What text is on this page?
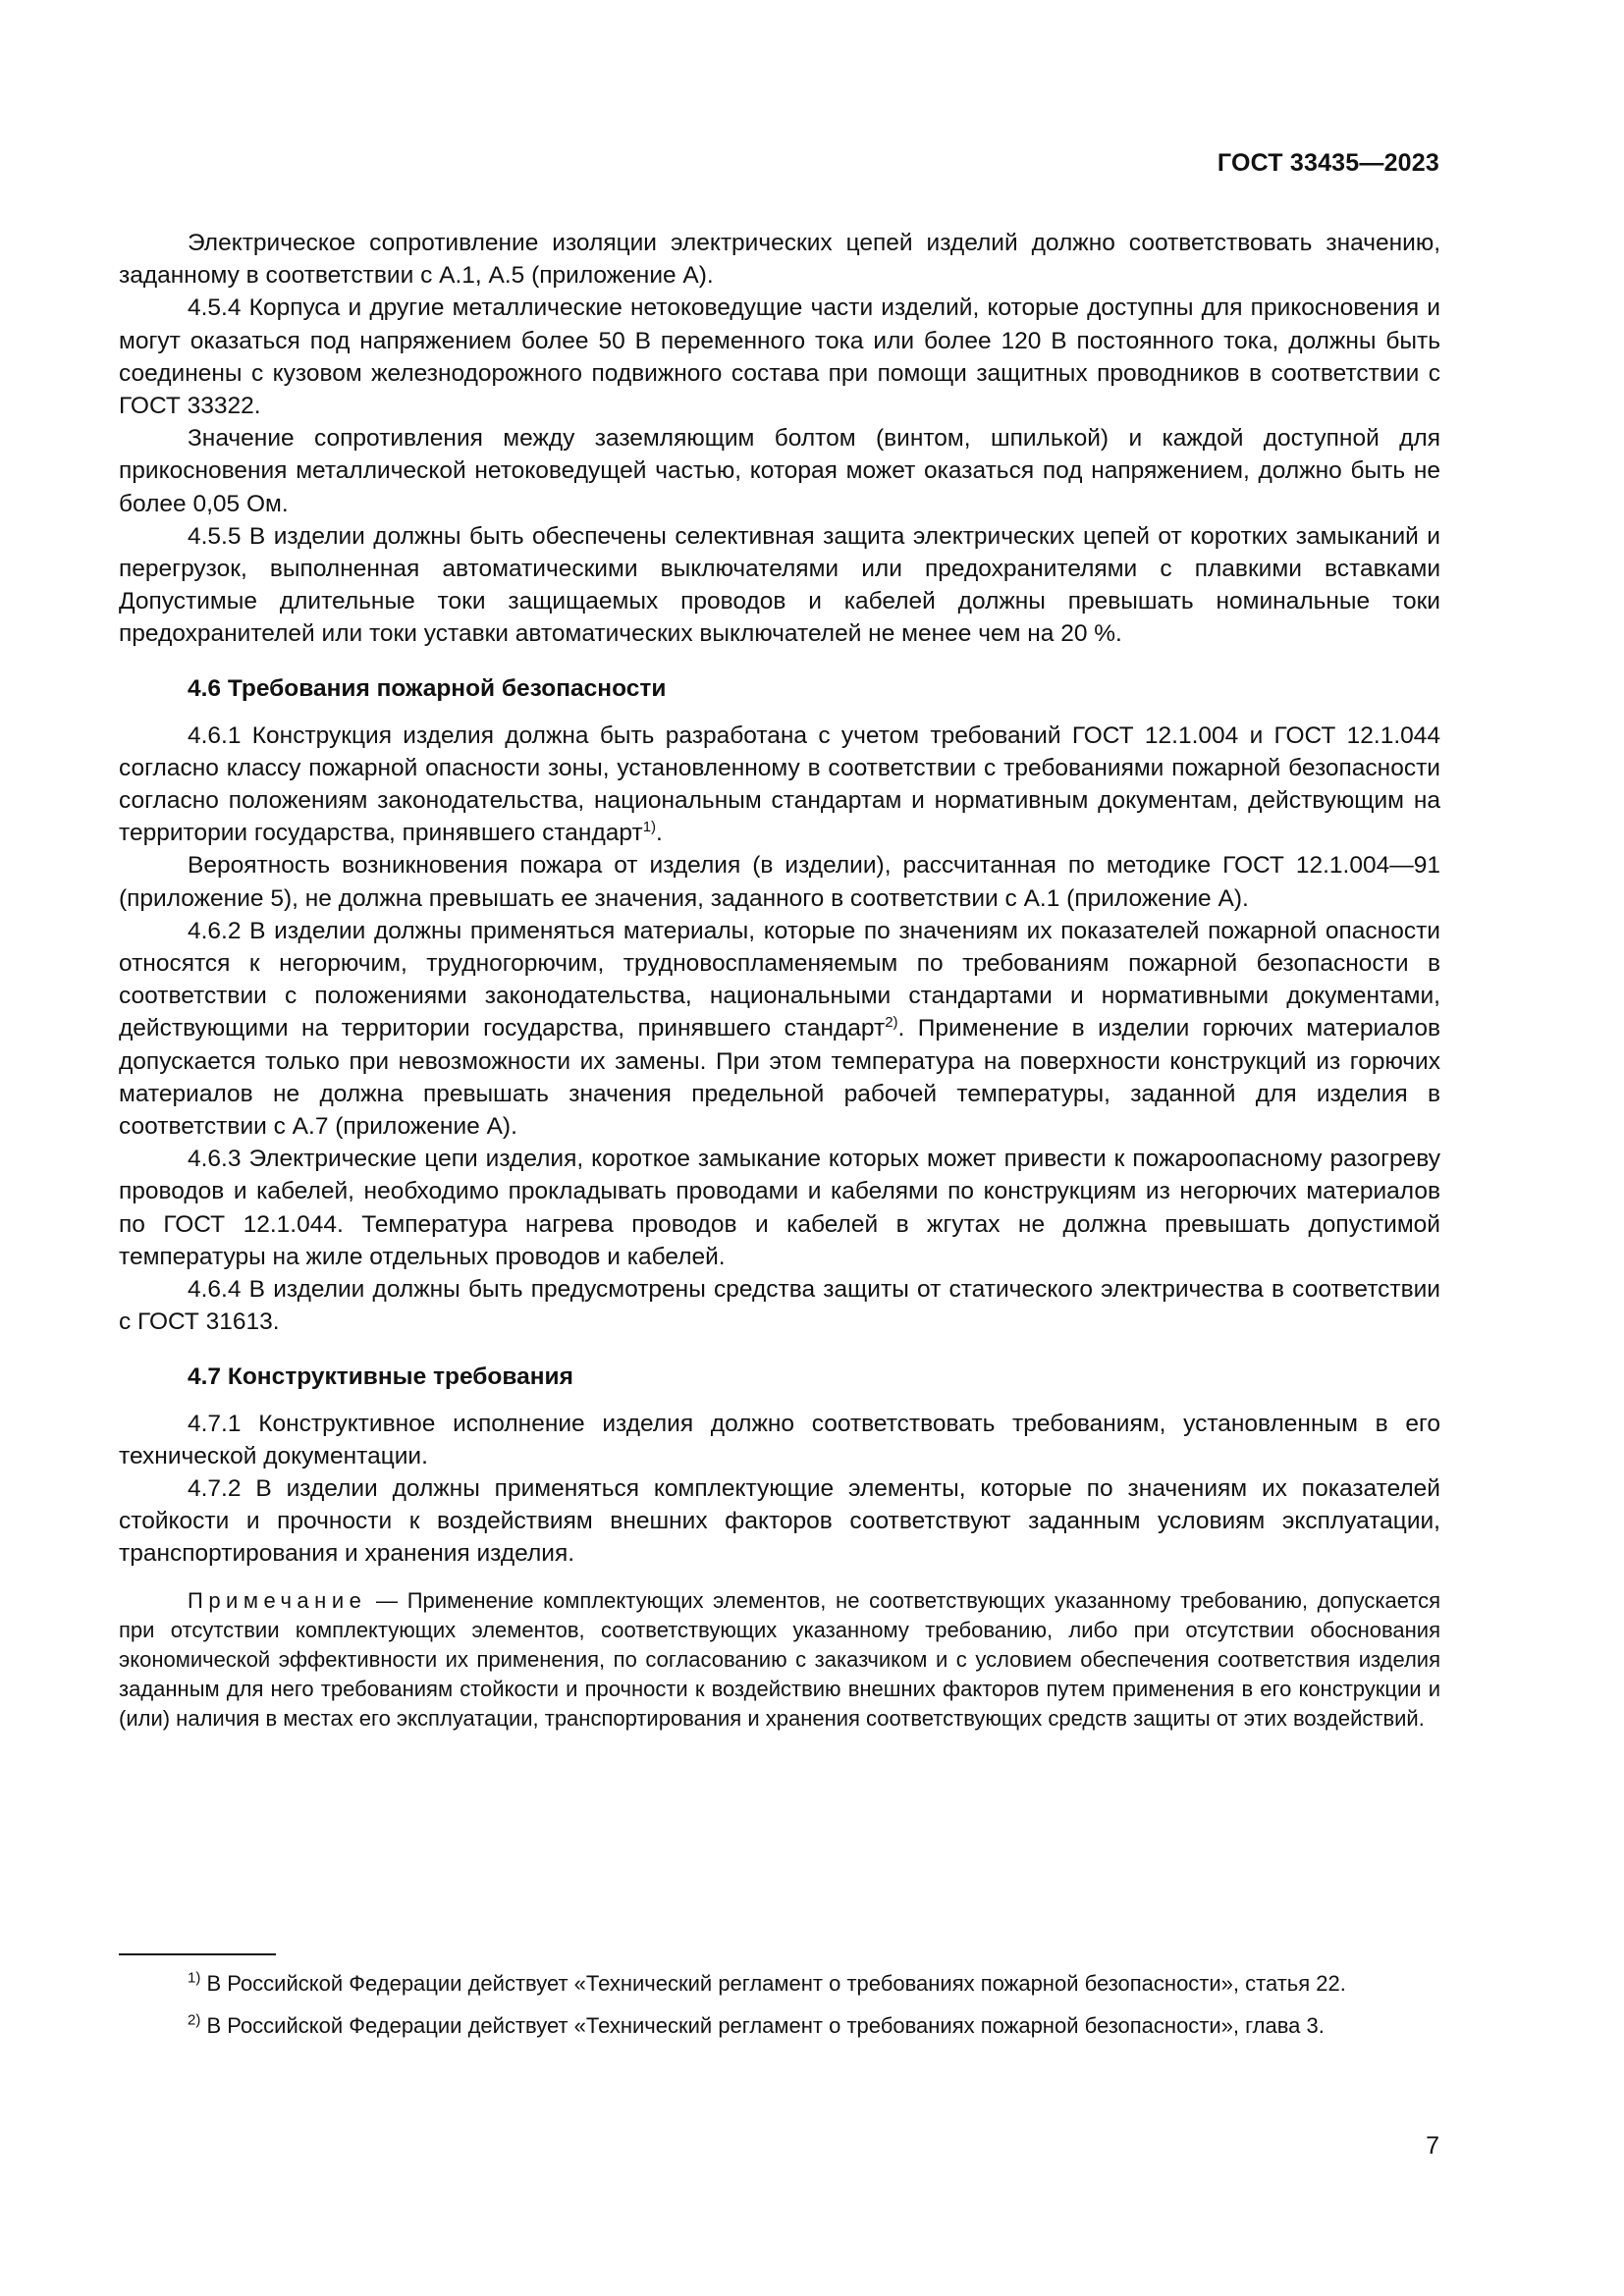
ГОСТ 33435—2023

Электрическое сопротивление изоляции электрических цепей изделий должно соответствовать значению, заданному в соответствии с А.1, А.5 (приложение А).

4.5.4 Корпуса и другие металлические нетоковедущие части изделий, которые доступны для прикосновения и могут оказаться под напряжением более 50 В переменного тока или более 120 В постоянного тока, должны быть соединены с кузовом железнодорожного подвижного состава при помощи защитных проводников в соответствии с ГОСТ 33322.

Значение сопротивления между заземляющим болтом (винтом, шпилькой) и каждой доступной для прикосновения металлической нетоковедущей частью, которая может оказаться под напряжением, должно быть не более 0,05 Ом.

4.5.5 В изделии должны быть обеспечены селективная защита электрических цепей от коротких замыканий и перегрузок, выполненная автоматическими выключателями или предохранителями с плавкими вставками Допустимые длительные токи защищаемых проводов и кабелей должны превышать номинальные токи предохранителей или токи уставки автоматических выключателей не менее чем на 20 %.

4.6 Требования пожарной безопасности

4.6.1 Конструкция изделия должна быть разработана с учетом требований ГОСТ 12.1.004 и ГОСТ 12.1.044 согласно классу пожарной опасности зоны, установленному в соответствии с требованиями пожарной безопасности согласно положениям законодательства, национальным стандартам и нормативным документам, действующим на территории государства, принявшего стандарт$^{1)}$.

Вероятность возникновения пожара от изделия (в изделии), рассчитанная по методике ГОСТ 12.1.004—91 (приложение 5), не должна превышать ее значения, заданного в соответствии с А.1 (приложение А).

4.6.2 В изделии должны применяться материалы, которые по значениям их показателей пожарной опасности относятся к негорючим, трудногорючим, трудновоспламеняемым по требованиям пожарной безопасности в соответствии с положениями законодательства, национальными стандартами и нормативными документами, действующими на территории государства, принявшего стандарт$^{2)}$. Применение в изделии горючих материалов допускается только при невозможности их замены. При этом температура на поверхности конструкций из горючих материалов не должна превышать значения предельной рабочей температуры, заданной для изделия в соответствии с А.7 (приложение А).

4.6.3 Электрические цепи изделия, короткое замыкание которых может привести к пожароопасному разогреву проводов и кабелей, необходимо прокладывать проводами и кабелями по конструкциям из негорючих материалов по ГОСТ 12.1.044. Температура нагрева проводов и кабелей в жгутах не должна превышать допустимой температуры на жиле отдельных проводов и кабелей.

4.6.4 В изделии должны быть предусмотрены средства защиты от статического электричества в соответствии с ГОСТ 31613.

4.7 Конструктивные требования

4.7.1 Конструктивное исполнение изделия должно соответствовать требованиям, установленным в его технической документации.

4.7.2 В изделии должны применяться комплектующие элементы, которые по значениям их показателей стойкости и прочности к воздействиям внешних факторов соответствуют заданным условиям эксплуатации, транспортирования и хранения изделия.

Примечание — Применение комплектующих элементов, не соответствующих указанному требованию, допускается при отсутствии комплектующих элементов, соответствующих указанному требованию, либо при отсутствии обоснования экономической эффективности их применения, по согласованию с заказчиком и с условием обеспечения соответствия изделия заданным для него требованиям стойкости и прочности к воздействию внешних факторов путем применения в его конструкции и (или) наличия в местах его эксплуатации, транспортирования и хранения соответствующих средств защиты от этих воздействий.

$^{1)}$ В Российской Федерации действует «Технический регламент о требованиях пожарной безопасности», статья 22.

$^{2)}$ В Российской Федерации действует «Технический регламент о требованиях пожарной безопасности», глава 3.

7
